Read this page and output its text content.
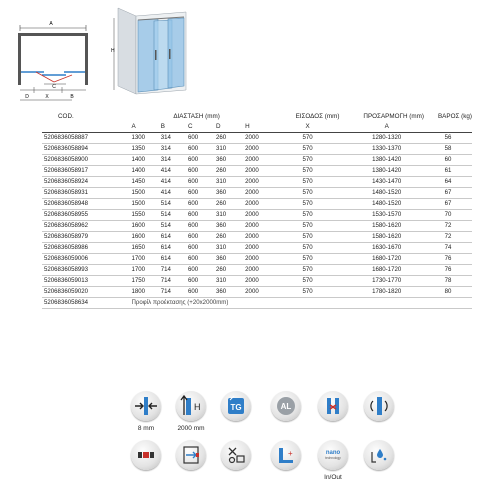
A
C
D	X	B
H
COD.	ΔΙΑΣΤΑΣΗ (mm)					ΕΙΣΟΔΟΣ (mm)	ΠΡΟΣΑΡΜΟΓΗ (mm)	ΒΑΡΟΣ (kg)
	A	B	C	D	H	X	A	
5206836058887	1300	314	600	260	2000	570	1280-1320	56
5206836058894	1350	314	600	310	2000	570	1330-1370	58
5206836058900	1400	314	600	360	2000	570	1380-1420	60
5206836058917	1400	414	600	260	2000	570	1380-1420	61
5206836058924	1450	414	600	310	2000	570	1430-1470	64
5206836058931	1500	414	600	360	2000	570	1480-1520	67
5206836058948	1500	514	600	260	2000	570	1480-1520	67
5206836058955	1550	514	600	310	2000	570	1530-1570	70
5206836058962	1600	514	600	360	2000	570	1580-1620	72
5206836058979	1600	614	600	260	2000	570	1580-1620	72
5206836058986	1650	614	600	310	2000	570	1630-1670	74
5206836059006	1700	614	600	360	2000	570	1680-1720	76
5206836058993	1700	714	600	260	2000	570	1680-1720	76
5206836059013	1750	714	600	310	2000	570	1730-1770	78
5206836059020	1800	714	600	360	2000	570	1780-1820	80
5206836058634	Προφίλ προέκτασης (+20x2000mm)							
8 mm
H
2000 mm
TG	AL
+	nano
technology
In/Out
